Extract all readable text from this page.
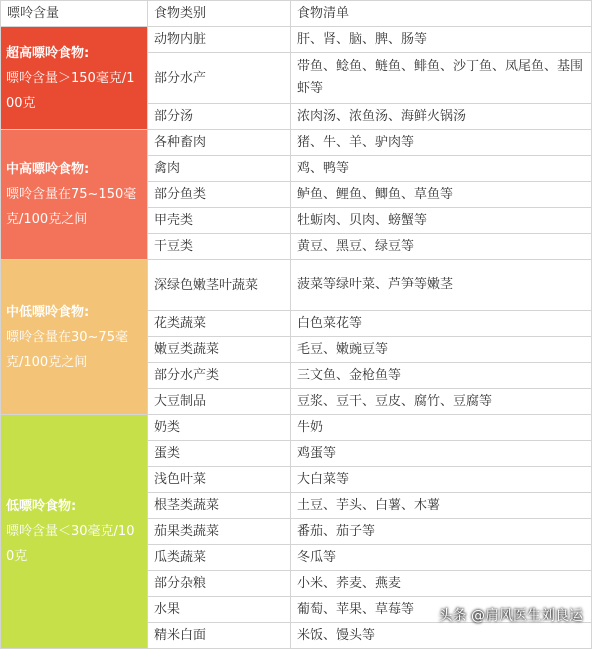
嘌呤含量	食物类别	食物清单

超高嘌呤食物:
嘌呤含量＞150毫克/100克	动物内脏	肝、肾、脑、脾、肠等
	部分水产	带鱼、鲶鱼、鲢鱼、鲱鱼、沙丁鱼、凤尾鱼、基围虾等
	部分汤	浓肉汤、浓鱼汤、海鲜火锅汤

中高嘌呤食物:
嘌呤含量在75~150毫克/100克之间	各种畜肉	猪、牛、羊、驴肉等
	禽肉	鸡、鸭等
	部分鱼类	鲈鱼、鲤鱼、鲫鱼、草鱼等
	甲壳类	牡蛎肉、贝肉、螃蟹等
	干豆类	黄豆、黑豆、绿豆等

中低嘌呤食物:
嘌呤含量在30~75毫克/100克之间	深绿色嫩茎叶蔬菜	菠菜等绿叶菜、芦笋等嫩茎
	花类蔬菜	白色菜花等
	嫩豆类蔬菜	毛豆、嫩豌豆等
	部分水产类	三文鱼、金枪鱼等
	大豆制品	豆浆、豆干、豆皮、腐竹、豆腐等

低嘌呤食物:
嘌呤含量＜30毫克/100克	奶类	牛奶
	蛋类	鸡蛋等
	浅色叶菜	大白菜等
	根茎类蔬菜	土豆、芋头、白薯、木薯
	茄果类蔬菜	番茄、茄子等
	瓜类蔬菜	冬瓜等
	部分杂粮	小米、荞麦、燕麦
	水果	葡萄、苹果、草莓等
	精米白面	米饭、馒头等
头条 @肩风医生刘良运
